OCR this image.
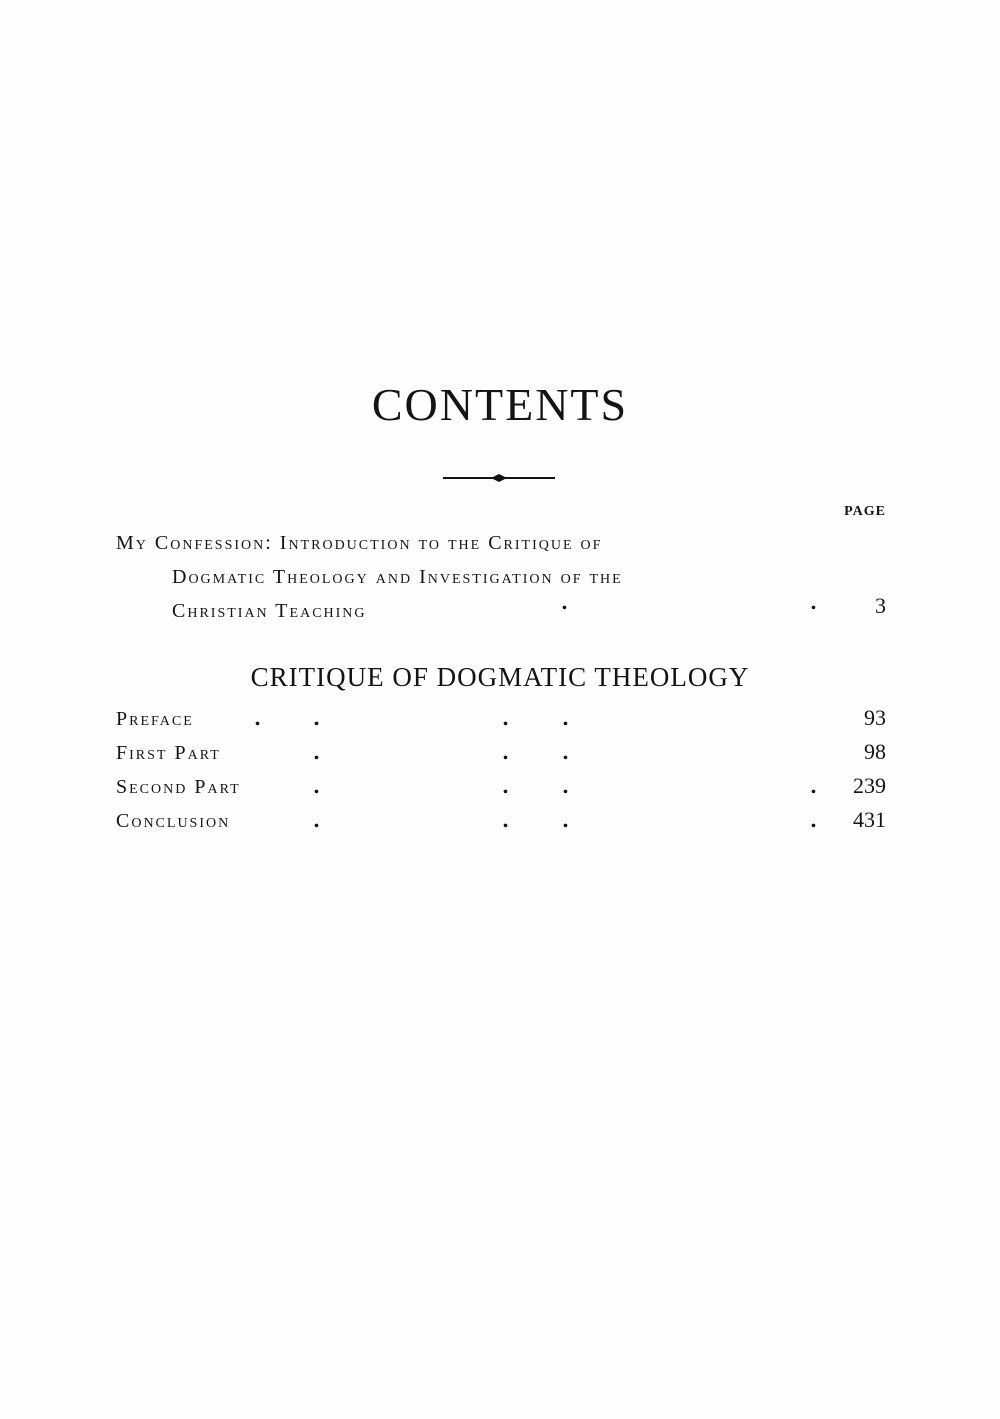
CONTENTS
PAGE
My Confession: Introduction to the Critique of
Dogmatic Theology and Investigation of the
Christian Teaching	.	.	3
CRITIQUE OF DOGMATIC THEOLOGY
Preface	.	.	.	.	93
First Part	.	.	.	98
Second Part	.	.	.	.	239
Conclusion	.	.	.	.	431
